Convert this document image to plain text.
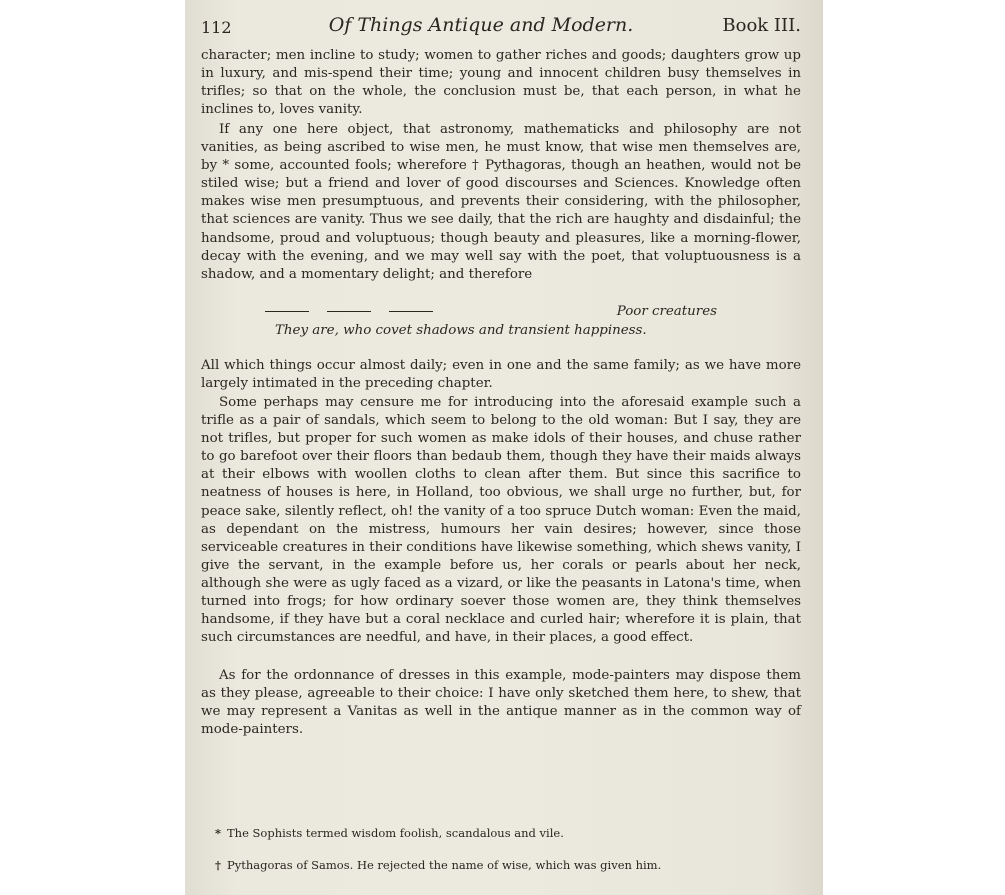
112	Of Things Antique and Modern.	Book III.

character; men incline to study; women to gather riches and goods; daughters grow up in luxury, and mis-spend their time; young and innocent children busy themselves in trifles; so that on the whole, the conclusion must be, that each person, in what he inclines to, loves vanity.

If any one here object, that astronomy, mathematicks and philosophy are not vanities, as being ascribed to wise men, he must know, that wise men themselves are, by * some, accounted fools; wherefore † Pythagoras, though an heathen, would not be stiled wise; but a friend and lover of good discourses and Sciences. Knowledge often makes wise men presumptuous, and prevents their considering, with the philosopher, that sciences are vanity. Thus we see daily, that the rich are haughty and disdainful; the handsome, proud and voluptuous; though beauty and pleasures, like a morning-flower, decay with the evening, and we may well say with the poet, that voluptuousness is a shadow, and a momentary delight; and therefore

Poor creatures
They are, who covet shadows and transient happiness.

All which things occur almost daily; even in one and the same family; as we have more largely intimated in the preceding chapter.

Some perhaps may censure me for introducing into the aforesaid example such a trifle as a pair of sandals, which seem to belong to the old woman: But I say, they are not trifles, but proper for such women as make idols of their houses, and chuse rather to go barefoot over their floors than bedaub them, though they have their maids always at their elbows with woollen cloths to clean after them. But since this sacrifice to neatness of houses is here, in Holland, too obvious, we shall urge no further, but, for peace sake, silently reflect, oh! the vanity of a too spruce Dutch woman: Even the maid, as dependant on the mistress, humours her vain desires; however, since those serviceable creatures in their conditions have likewise something, which shews vanity, I give the servant, in the example before us, her corals or pearls about her neck, although she were as ugly faced as a vizard, or like the peasants in Latona's time, when turned into frogs; for how ordinary soever those women are, they think themselves handsome, if they have but a coral necklace and curled hair; wherefore it is plain, that such circumstances are needful, and have, in their places, a good effect.

As for the ordonnance of dresses in this example, mode-painters may dispose them as they please, agreeable to their choice: I have only sketched them here, to shew, that we may represent a Vanitas as well in the antique manner as in the common way of mode-painters.

* The Sophists termed wisdom foolish, scandalous and vile.
† Pythagoras of Samos. He rejected the name of wise, which was given him.
